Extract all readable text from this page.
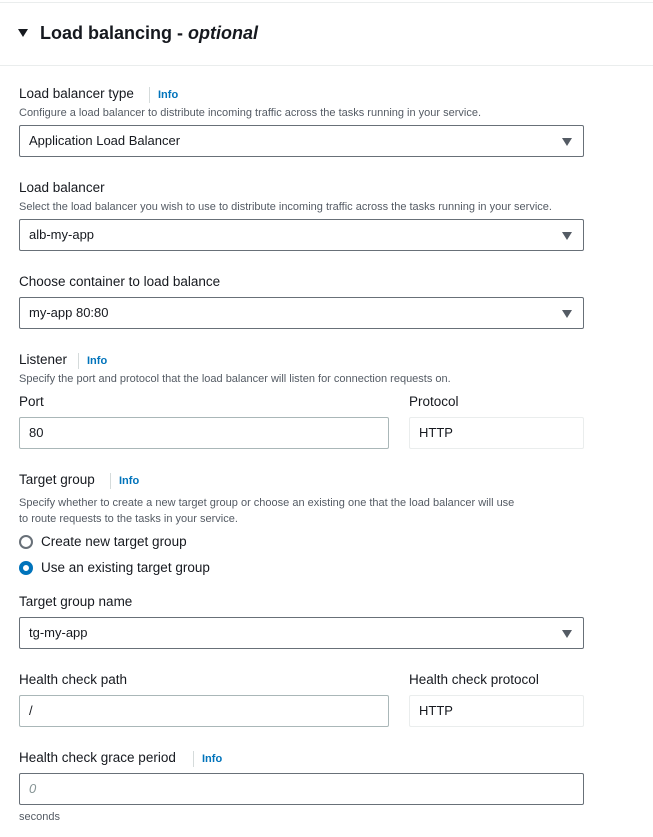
Load balancing - optional
Load balancer type	Info
Configure a load balancer to distribute incoming traffic across the tasks running in your service.
Application Load Balancer
Load balancer
Select the load balancer you wish to use to distribute incoming traffic across the tasks running in your service.
alb-my-app
Choose container to load balance
my-app 80:80
Listener	Info
Specify the port and protocol that the load balancer will listen for connection requests on.
Port
80
Protocol
HTTP
Target group	Info
Specify whether to create a new target group or choose an existing one that the load balancer will use
to route requests to the tasks in your service.
Create new target group
Use an existing target group
Target group name
tg-my-app
Health check path
/
Health check protocol
HTTP
Health check grace period	Info
0
seconds
